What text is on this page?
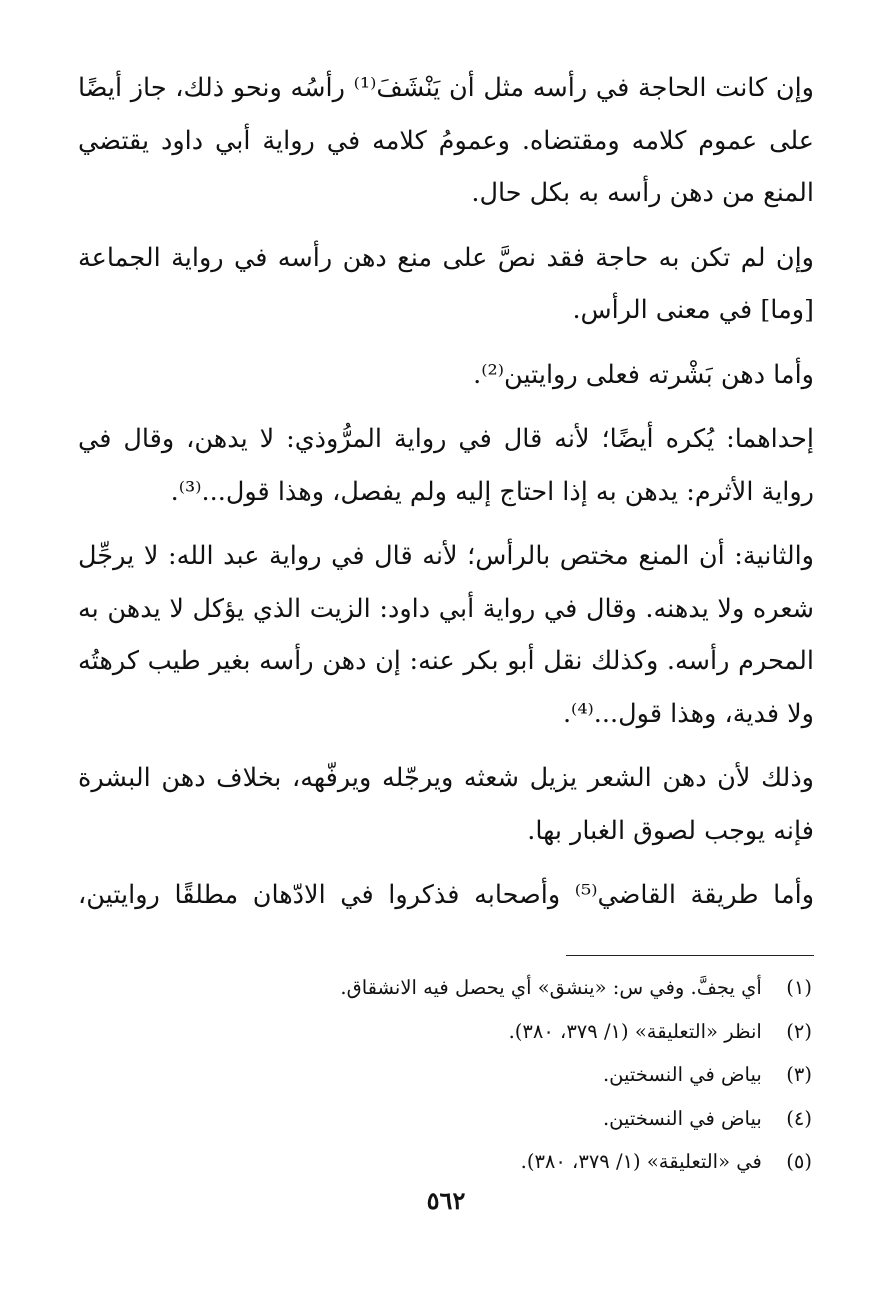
وإن كانت الحاجة في رأسه مثل أن يَنْشَفَ⁽¹⁾ رأسُه ونحو ذلك، جاز أيضًا على عموم كلامه ومقتضاه. وعمومُ كلامه في رواية أبي داود يقتضي المنع من دهن رأسه به بكل حال.

وإن لم تكن به حاجة فقد نصَّ على منع دهن رأسه في رواية الجماعة [وما] في معنى الرأس.

وأما دهن بَشْرته فعلى روايتين⁽²⁾.

إحداهما: يُكره أيضًا؛ لأنه قال في رواية المرُّوذي: لا يدهن، وقال في رواية الأثرم: يدهن به إذا احتاج إليه ولم يفصل، وهذا قول...⁽³⁾.

والثانية: أن المنع مختص بالرأس؛ لأنه قال في رواية عبد الله: لا يرجِّل شعره ولا يدهنه. وقال في رواية أبي داود: الزيت الذي يؤكل لا يدهن به المحرم رأسه. وكذلك نقل أبو بكر عنه: إن دهن رأسه بغير طيب كرهتُه ولا فدية، وهذا قول...⁽⁴⁾.

وذلك لأن دهن الشعر يزيل شعثه ويرجّله ويرفّهه، بخلاف دهن البشرة فإنه يوجب لصوق الغبار بها.

وأما طريقة القاضي⁽⁵⁾ وأصحابه فذكروا في الادّهان مطلقًا روايتين،

(١) أي يجفَّ. وفي س: «ينشق» أي يحصل فيه الانشقاق.
(٢) انظر «التعليقة» (١/ ٣٧٩، ٣٨٠).
(٣) بياض في النسختين.
(٤) بياض في النسختين.
(٥) في «التعليقة» (١/ ٣٧٩، ٣٨٠).
٥٦٢
